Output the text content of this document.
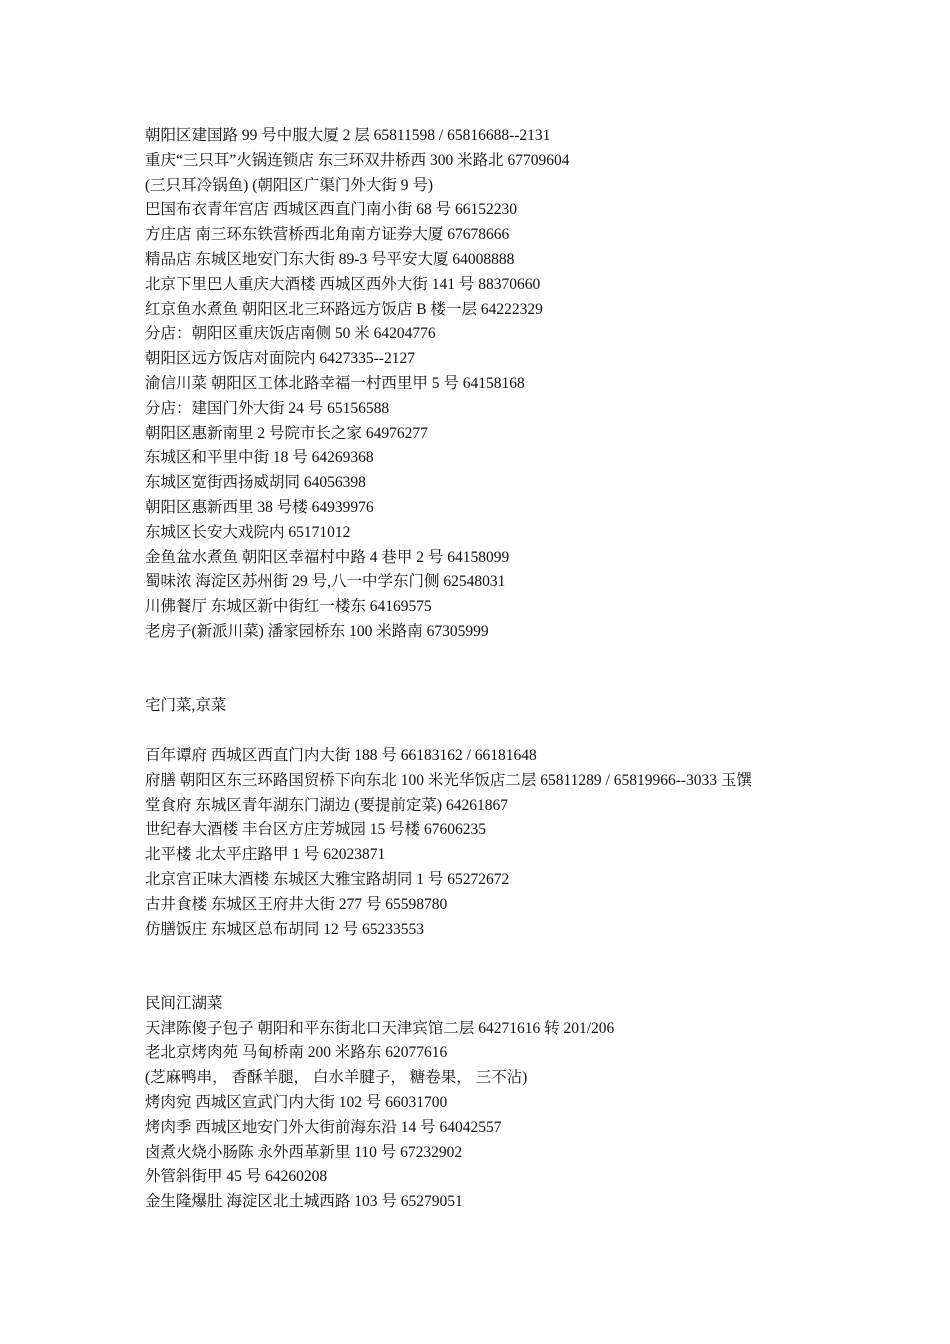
朝阳区建国路 99 号中服大厦 2 层 65811598 / 65816688--2131
重庆“三只耳”火锅连锁店 东三环双井桥西 300 米路北 67709604
(三只耳冷锅鱼) (朝阳区广渠门外大街 9 号)
巴国布衣青年宫店 西城区西直门南小街 68 号 66152230
方庄店 南三环东铁营桥西北角南方证券大厦 67678666
精品店 东城区地安门东大街 89-3 号平安大厦 64008888
北京下里巴人重庆大酒楼 西城区西外大街 141 号 88370660
红京鱼水煮鱼 朝阳区北三环路远方饭店 B 楼一层 64222329
分店：朝阳区重庆饭店南侧 50 米 64204776
朝阳区远方饭店对面院内 6427335--2127
渝信川菜 朝阳区工体北路幸福一村西里甲 5 号 64158168
分店：建国门外大街 24 号 65156588
朝阳区惠新南里 2 号院市长之家 64976277
东城区和平里中街 18 号 64269368
东城区宽街西扬威胡同 64056398
朝阳区惠新西里 38 号楼 64939976
东城区长安大戏院内 65171012
金鱼盆水煮鱼 朝阳区幸福村中路 4 巷甲 2 号 64158099
蜀味浓 海淀区苏州街 29 号,八一中学东门侧 62548031
川佛餐厅 东城区新中街红一楼东 64169575
老房子(新派川菜) 潘家园桥东 100 米路南 67305999
宅门菜,京菜
百年谭府 西城区西直门内大街 188 号 66183162 / 66181648
府膳 朝阳区东三环路国贸桥下向东北 100 米光华饭店二层 65811289 / 65819966--3033 玉馔
堂食府 东城区青年湖东门湖边 (要提前定菜) 64261867
世纪春大酒楼 丰台区方庄芳城园 15 号楼 67606235
北平楼 北太平庄路甲 1 号 62023871
北京宫正味大酒楼 东城区大雅宝路胡同 1 号 65272672
古井食楼 东城区王府井大街 277 号 65598780
仿膳饭庄 东城区总布胡同 12 号 65233553
民间江湖菜
天津陈傻子包子 朝阳和平东街北口天津宾馆二层 64271616 转 201/206
老北京烤肉苑 马甸桥南 200 米路东 62077616
(芝麻鸭串， 香酥羊腿， 白水羊腱子， 糖卷果， 三不沾)
烤肉宛 西城区宣武门内大街 102 号 66031700
烤肉季 西城区地安门外大街前海东沿 14 号 64042557
卤煮火烧小肠陈 永外西革新里 110 号 67232902
外管斜街甲 45 号 64260208
金生隆爆肚 海淀区北土城西路 103 号 65279051
